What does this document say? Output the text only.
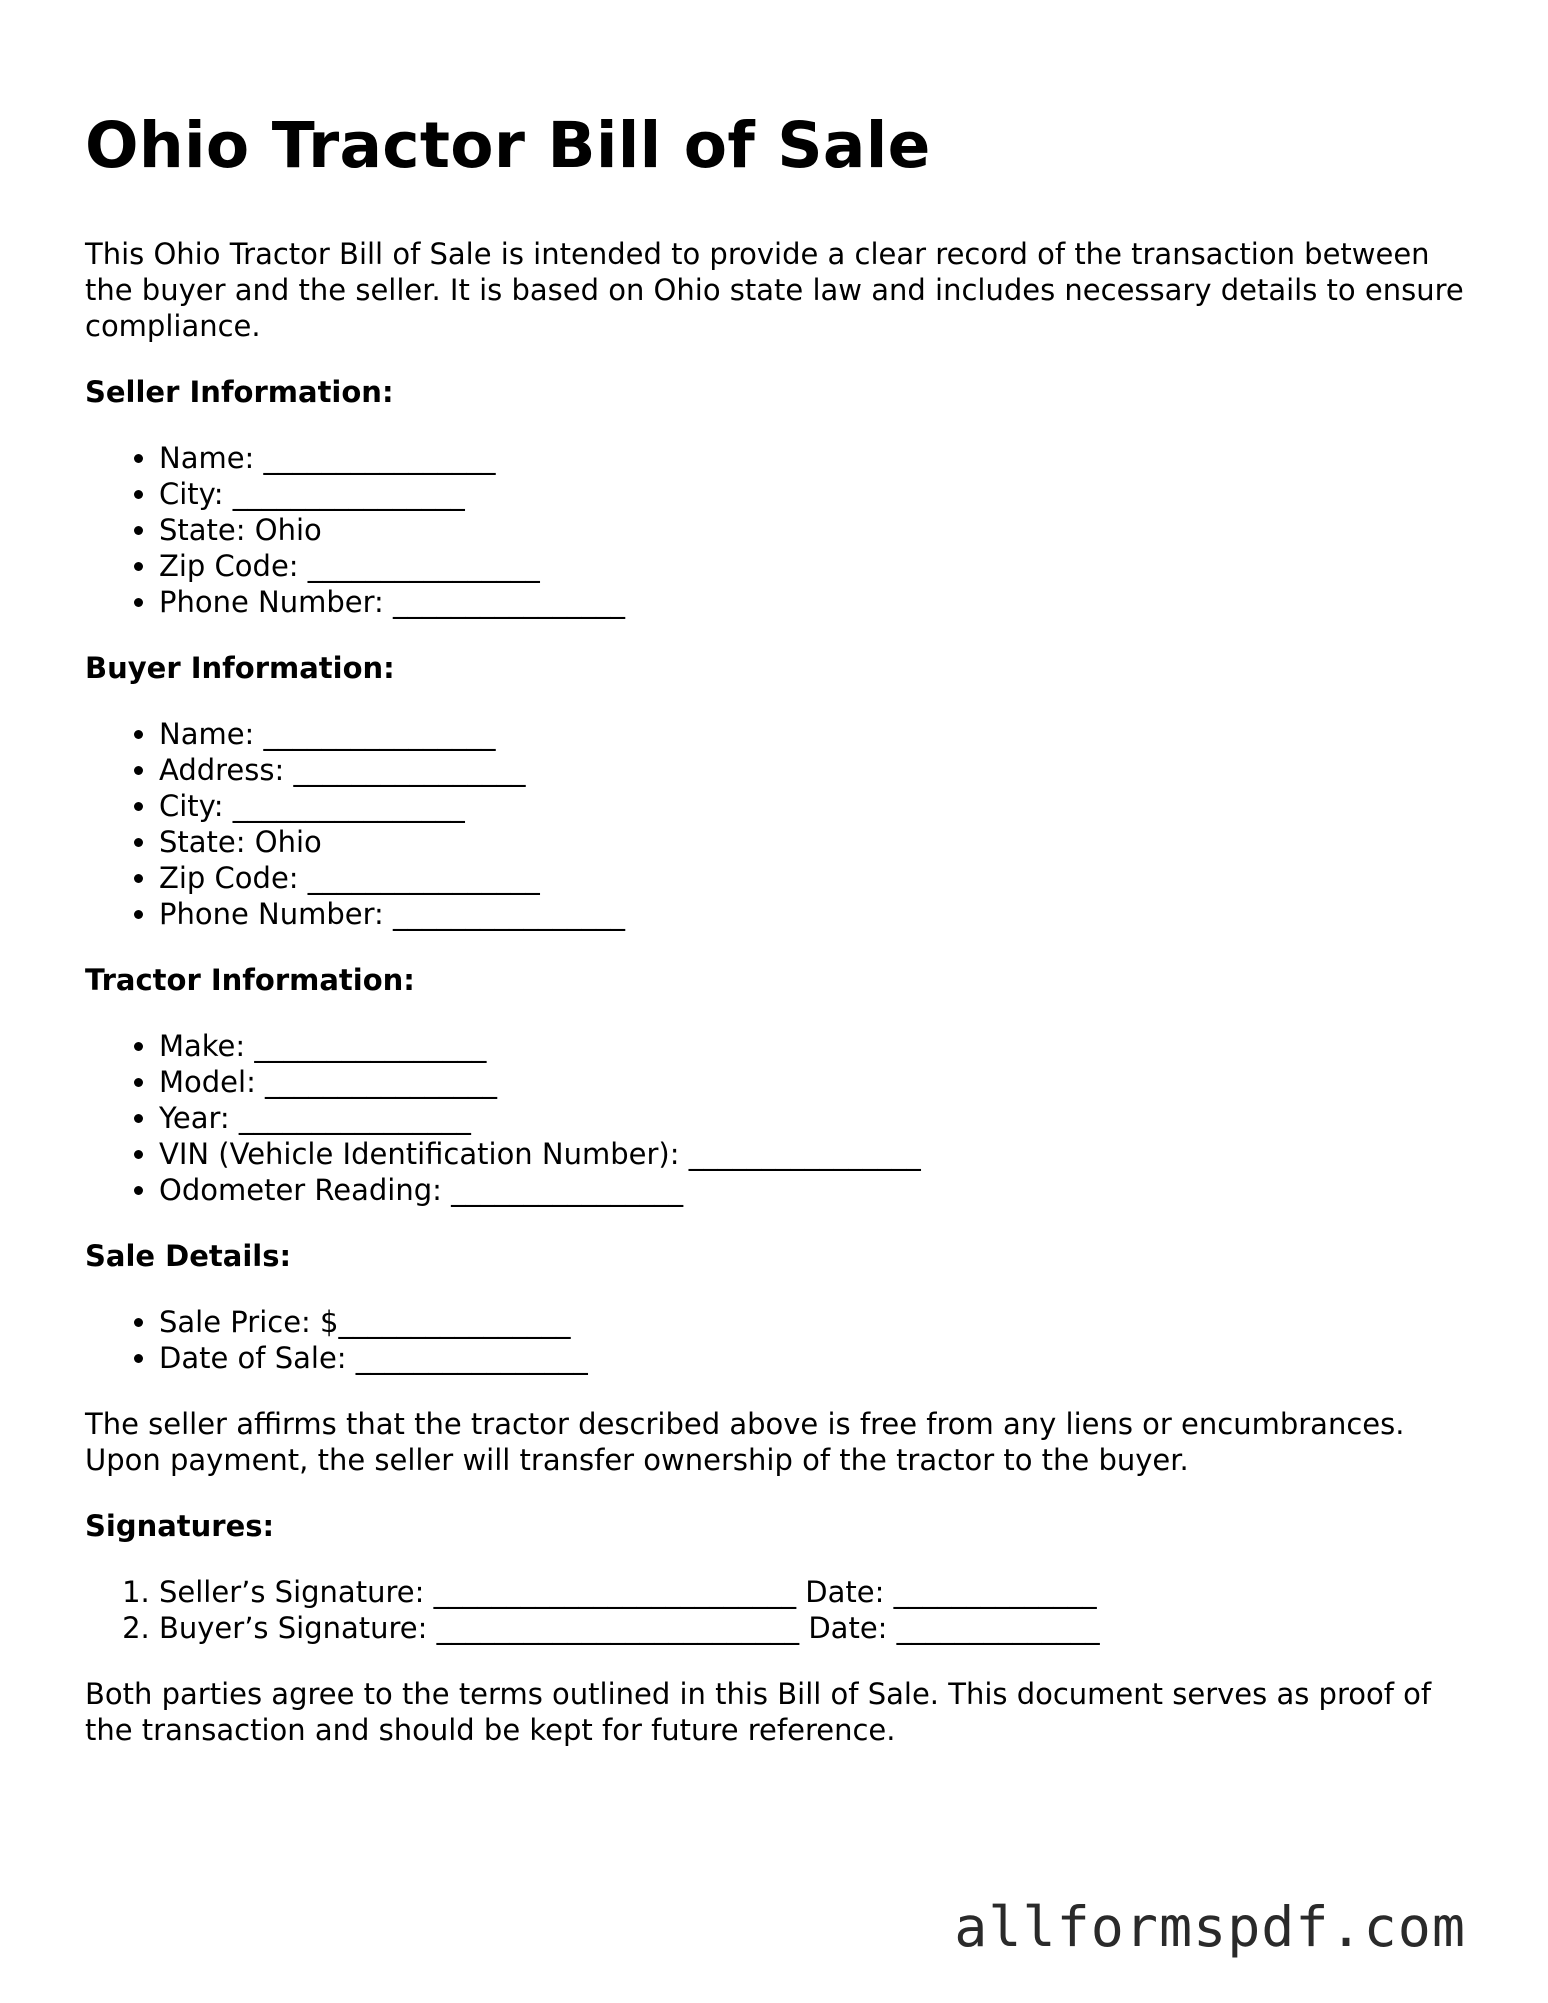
Ohio Tractor Bill of Sale

This Ohio Tractor Bill of Sale is intended to provide a clear record of the transaction between the buyer and the seller. It is based on Ohio state law and includes necessary details to ensure compliance.

Seller Information:
• Name: ________________
• City: ________________
• State: Ohio
• Zip Code: ________________
• Phone Number: ________________
Buyer Information:
• Name: ________________
• Address: ________________
• City: ________________
• State: Ohio
• Zip Code: ________________
• Phone Number: ________________
Tractor Information:
• Make: ________________
• Model: ________________
• Year: ________________
• VIN (Vehicle Identification Number): ________________
• Odometer Reading: ________________
Sale Details:
• Sale Price: $________________
• Date of Sale: ________________

The seller affirms that the tractor described above is free from any liens or encumbrances. Upon payment, the seller will transfer ownership of the tractor to the buyer.

Signatures:
1. Seller’s Signature: _________________________ Date: ______________
2. Buyer’s Signature: _________________________ Date: ______________

Both parties agree to the terms outlined in this Bill of Sale. This document serves as proof of the transaction and should be kept for future reference.

allformspdf.com
